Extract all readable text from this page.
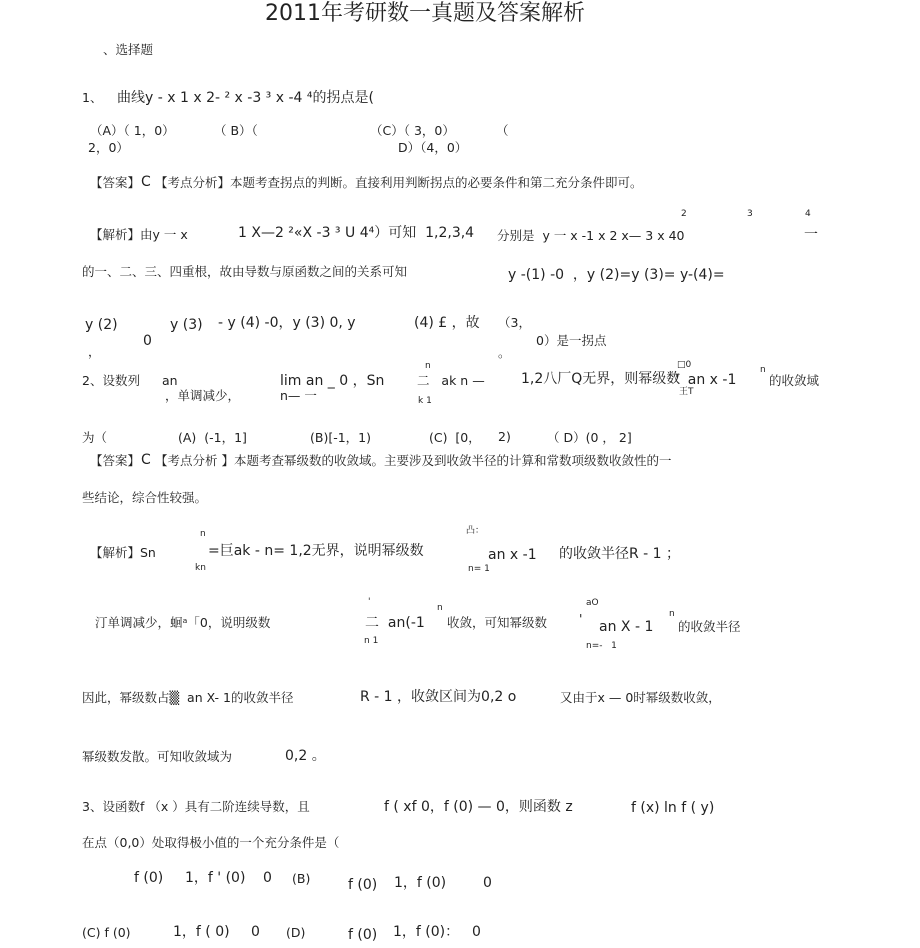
2011年考研数一真题及答案解析
、选择题
1、 曲线y - x 1 x 2- ² x -3 ³ x -4 ⁴的拐点是(
（A）（ 1，0）	（ B）（	（C）（ 3，0）	（
2，0）	D）（4，0）
【答案】 C 【考点分析】本题考查拐点的判断。直接利用判断拐点的必要条件和第二充分条件即可。
2	3	4
【解析】由y 一 x	1 X—2 ²«X -3 ³ U 4⁴）可知  1,2,3,4 分别是  y 一 x -1 x 2 x— 3 x 40	一
的一、二、三、四重根，故由导数与原函数之间的关系可知	y -(1) -0  ，y (2)=y (3)= y-(4)=
y (2)
，
0
y (3) - y (4) -0，y (3) 0, y	(4) £ ，故 （3，
。
0）是一拐点
n	□0	n
2、设数列 an	lim an _ 0 ，Sn	二   ak n —	1,2八厂Q无界，则幂级数
'  an x -1	的收敛域
，单调减少，	n— 一	王T
k 1
为（	(A)  (-1，1]	(B)[-1，1)	(C)  [0， 2)	（ D）(0 ， 2]
【答案】 C 【考点分析 】本题考查幂级数的收敛域。主要涉及到收敛半径的计算和常数项级数收敛性的一
些结论，综合性较强。
n	凸：
【解析】Sn	=巨ak - n= 1,2无界，说明幂级数	an x -1 的收敛半径R - 1 ；
kn	n= 1
aO
'
n
n
汀单调减少，蛔ᵃ「0，说明级数	二  an(-1 收敛，可知幂级数	'
an X - 1 的收敛半径
n 1	n=-   1
因此，幂级数占▒  an X- 1的收敛半径	R - 1 ，收敛区间为0,2 o	又由于x — 0时幂级数收敛，
幂级数发散。可知收敛域为	0,2 。
3、设函数f （x ）具有二阶连续导数，且	f ( xf 0，f (0) — 0，则函数 z	f (x) ln f ( y)
在点（0,0）处取得极小值的一个充分条件是（
f (0) 1，f ' (0) 0 (B)	f (0) 1，f (0)	0
(C) f (0)	1，f ( 0) 0 (D)	f (0) 1，f (0)： 0
